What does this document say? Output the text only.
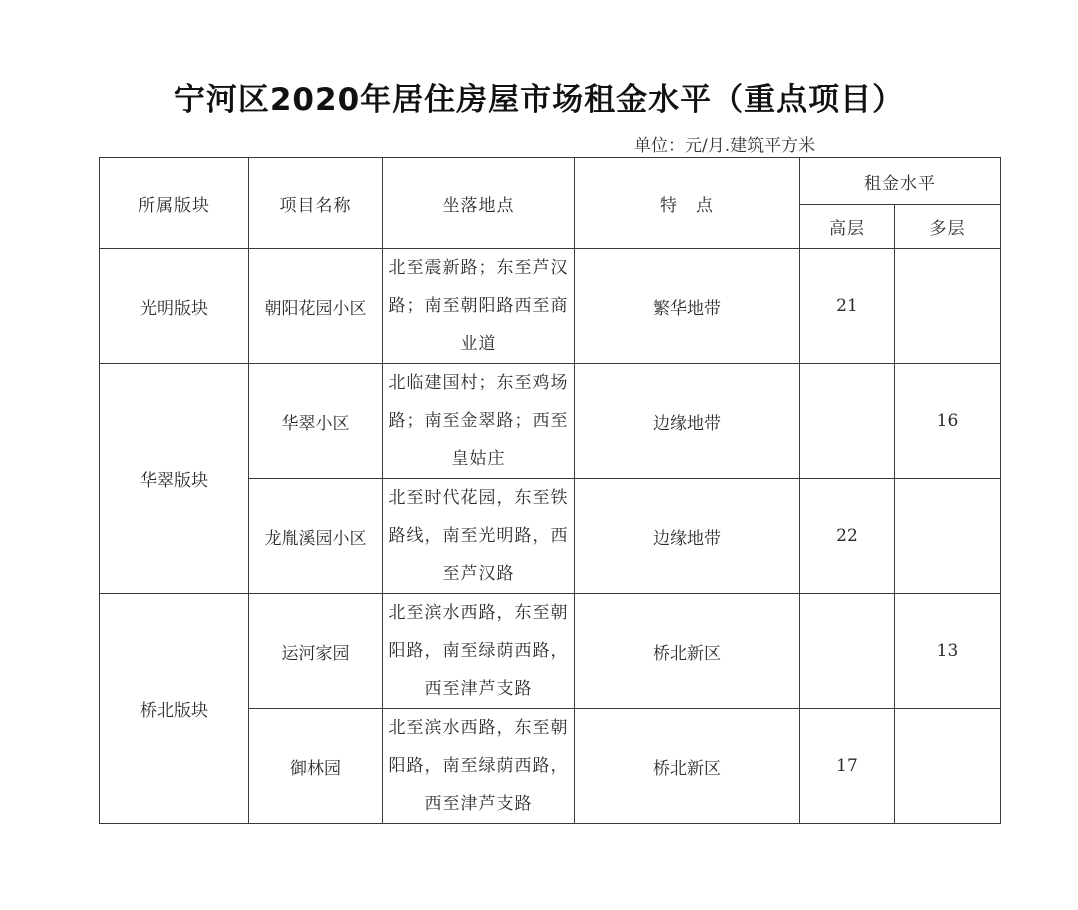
宁河区2020年居住房屋市场租金水平（重点项目）
单位：元/月.建筑平方米
所属版块	项目名称	坐落地点	特　点	租金水平	
				高层	多层
光明版块	朝阳花园小区	北至震新路；东至芦汉
路；南至朝阳路西至商
业道	繁华地带	21	
华翠版块	华翠小区	北临建国村；东至鸡场
路；南至金翠路；西至
皇姑庄	边缘地带		16
	龙胤溪园小区	北至时代花园，东至铁
路线，南至光明路，西
至芦汉路	边缘地带	22	
桥北版块	运河家园	北至滨水西路，东至朝
阳路，南至绿荫西路，
西至津芦支路	桥北新区		13
	御林园	北至滨水西路，东至朝
阳路，南至绿荫西路，
西至津芦支路	桥北新区	17	
